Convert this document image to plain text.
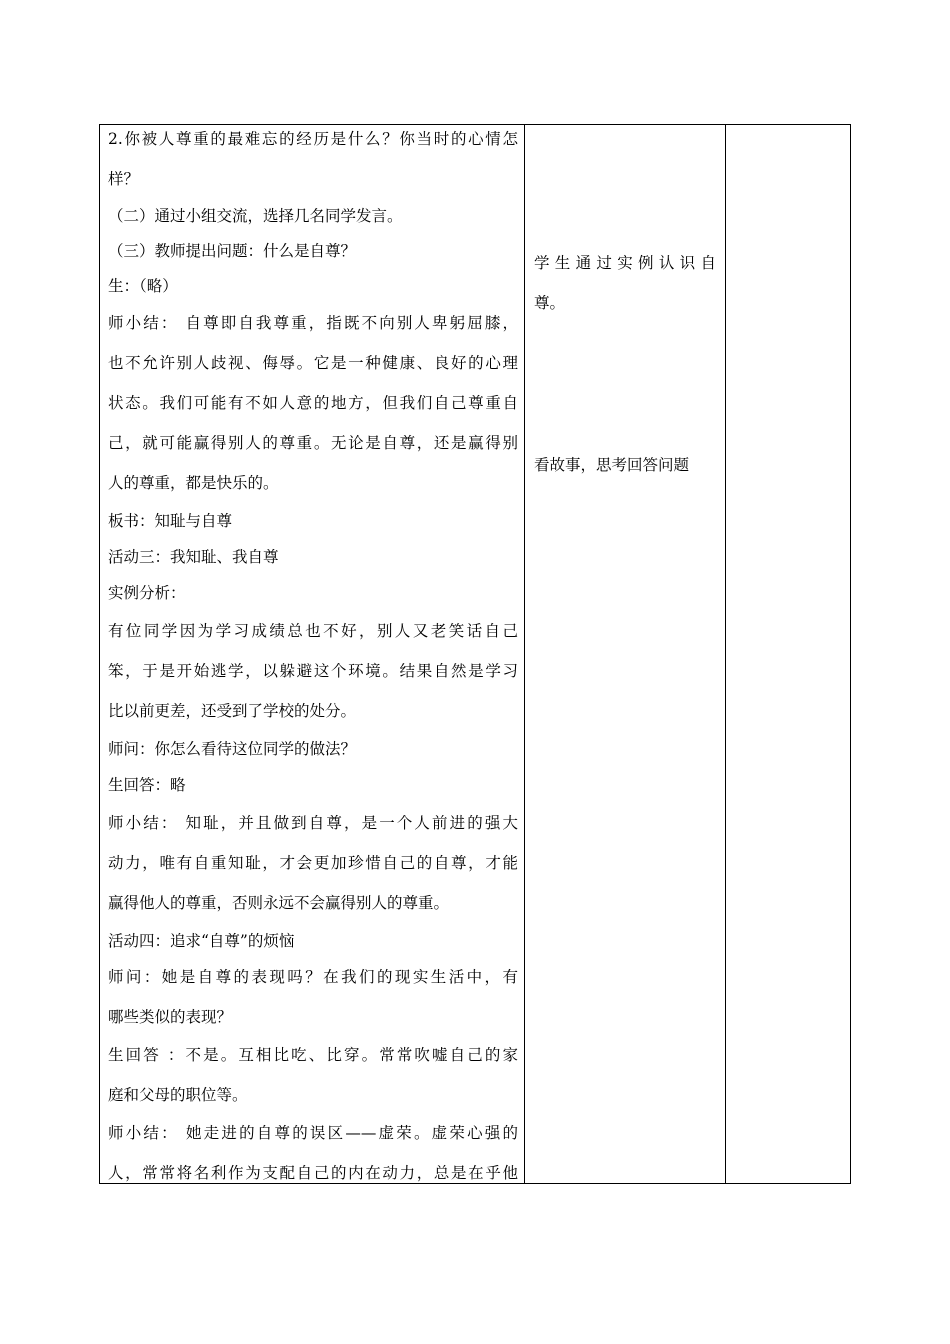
2.你被人尊重的最难忘的经历是什么？你当时的心情怎
样？
（二）通过小组交流，选择几名同学发言。
（三）教师提出问题：什么是自尊？
生：（略）
师小结： 自尊即自我尊重，指既不向别人卑躬屈膝，
也不允许别人歧视、侮辱。它是一种健康、良好的心理
状态。我们可能有不如人意的地方，但我们自己尊重自
己，就可能赢得别人的尊重。无论是自尊，还是赢得别
人的尊重，都是快乐的。
板书：知耻与自尊
活动三：我知耻、我自尊
实例分析：
有位同学因为学习成绩总也不好，别人又老笑话自己
笨，于是开始逃学，以躲避这个环境。结果自然是学习
比以前更差，还受到了学校的处分。
师问：你怎么看待这位同学的做法？
生回答：略
师小结： 知耻，并且做到自尊，是一个人前进的强大
动力，唯有自重知耻，才会更加珍惜自己的自尊，才能
赢得他人的尊重，否则永远不会赢得别人的尊重。
活动四：追求“自尊”的烦恼
师问：她是自尊的表现吗？在我们的现实生活中，有
哪些类似的表现？
生回答 ：不是。互相比吃、比穿。常常吹嘘自己的家
庭和父母的职位等。
师小结： 她走进的自尊的误区——虚荣。虚荣心强的
人，常常将名利作为支配自己的内在动力，总是在乎他
学生通过实例认识自
尊。
看故事，思考回答问题
